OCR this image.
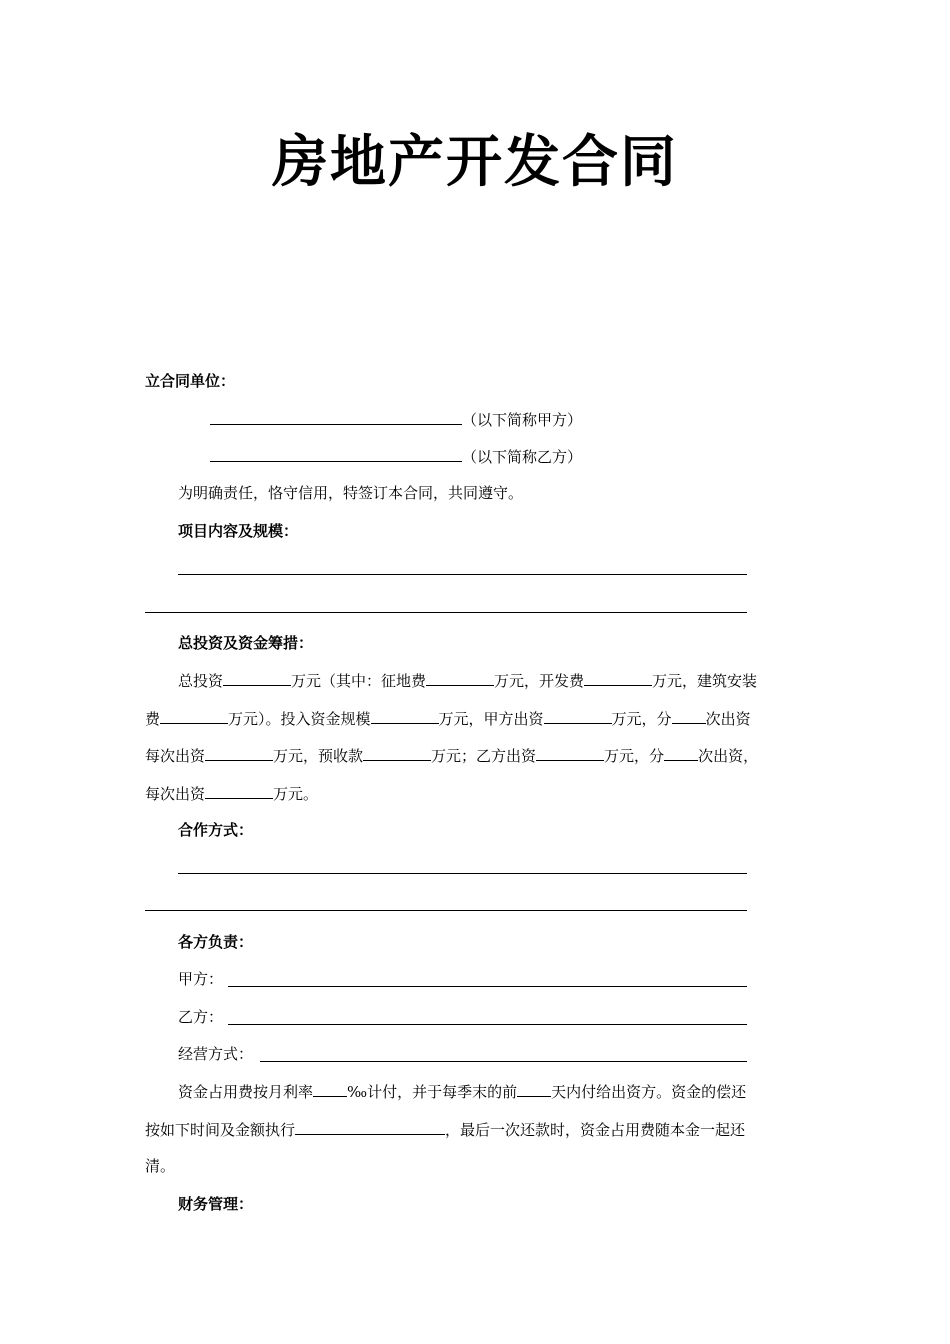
房地产开发合同
立合同单位：
（以下简称甲方）
（以下简称乙方）
为明确责任，恪守信用，特签订本合同，共同遵守。
项目内容及规模：
总投资及资金筹措：
总投资	万元（其中：征地费	万元，开发费	万元，建筑安装
费	万元）。投入资金规模	万元，甲方出资	万元，分 次出资
每次出资	万元，预收款	万元；乙方出资	万元，分 次出资，
每次出资	万元。
合作方式：
各方负责：
甲方：
乙方：
经营方式：
资金占用费按月利率 ‰计付，并于每季末的前 天内付给出资方。资金的偿还
按如下时间及金额执行	，最后一次还款时，资金占用费随本金一起还
清。
财务管理：
